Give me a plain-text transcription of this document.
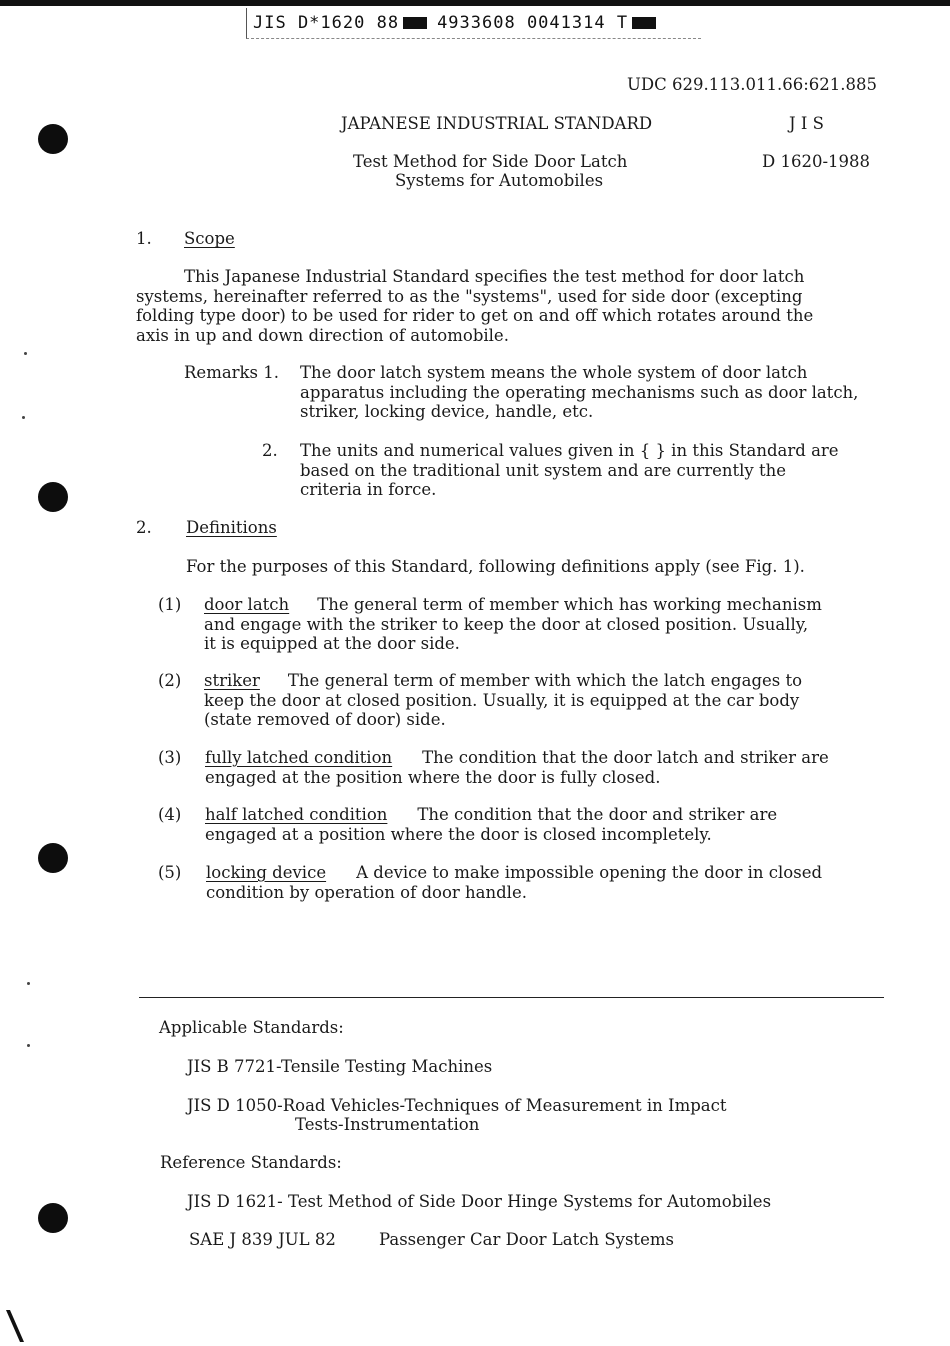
JIS D*1620 88 4933608 0041314 T
UDC 629.113.011.66:621.885
JAPANESE INDUSTRIAL STANDARD	J I S
Test Method for Side Door Latch
Systems for Automobiles
D 1620-1988
1. Scope
This Japanese Industrial Standard specifies the test method for door latch
systems, hereinafter referred to as the "systems", used for side door (excepting
folding type door) to be used for rider to get on and off which rotates around the
axis in up and down direction of automobile.
Remarks 1. The door latch system means the whole system of door latch
apparatus including the operating mechanisms such as door latch,
striker, locking device, handle, etc.
2. The units and numerical values given in { } in this Standard are
based on the traditional unit system and are currently the
criteria in force.
2. Definitions
For the purposes of this Standard, following definitions apply (see Fig. 1).
(1) door latch The general term of member which has working mechanism
and engage with the striker to keep the door at closed position. Usually,
it is equipped at the door side.
(2) striker The general term of member with which the latch engages to
keep the door at closed position. Usually, it is equipped at the car body
(state removed of door) side.
(3) fully latched condition The condition that the door latch and striker are
engaged at the position where the door is fully closed.
(4) half latched condition The condition that the door and striker are
engaged at a position where the door is closed incompletely.
(5) locking device A device to make impossible opening the door in closed
condition by operation of door handle.
Applicable Standards:
JIS B 7721-Tensile Testing Machines
JIS D 1050-Road Vehicles-Techniques of Measurement in Impact
Tests-Instrumentation
Reference Standards:
JIS D 1621- Test Method of Side Door Hinge Systems for Automobiles
SAE J 839 JUL 82	Passenger Car Door Latch Systems
